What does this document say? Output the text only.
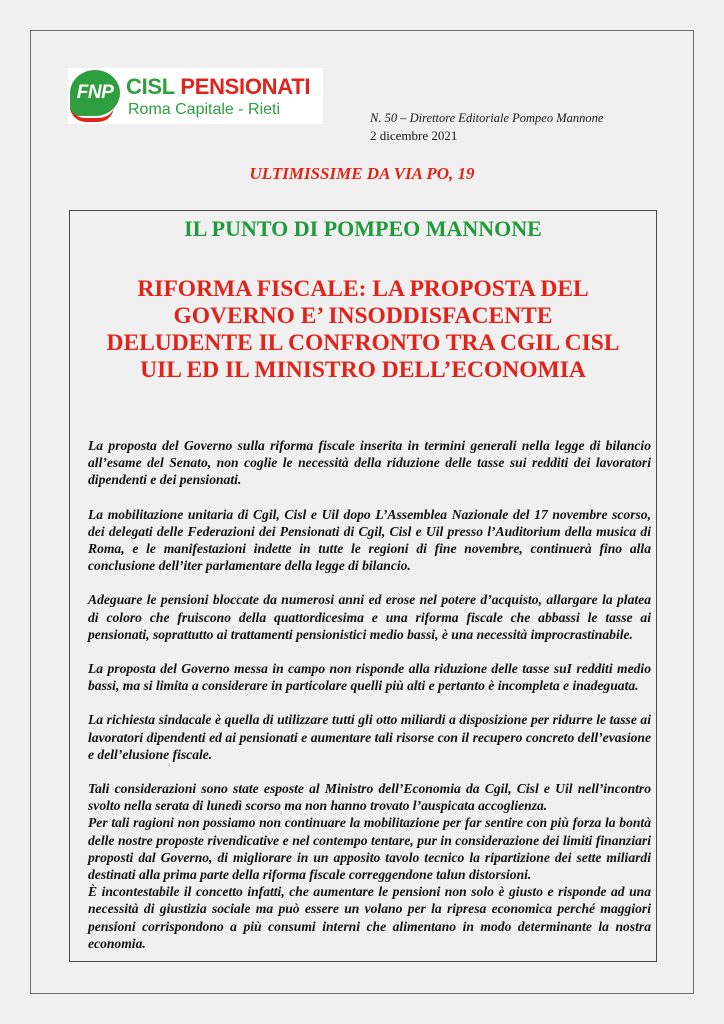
FNP CISL PENSIONATI
Roma Capitale - Rieti	N. 50 – Direttore Editoriale Pompeo Mannone
2 dicembre 2021
ULTIMISSIME DA VIA PO, 19
IL PUNTO DI POMPEO MANNONE
RIFORMA FISCALE: LA PROPOSTA DEL
GOVERNO E’ INSODDISFACENTE
DELUDENTE IL CONFRONTO TRA CGIL CISL
UIL ED IL MINISTRO DELL’ECONOMIA

La proposta del Governo sulla riforma fiscale inserita in termini generali nella legge di bilancio all’esame del Senato, non coglie le necessità della riduzione delle tasse sui redditi dei lavoratori dipendenti e dei pensionati.

La mobilitazione unitaria di Cgil, Cisl e Uil dopo L’Assemblea Nazionale del 17 novembre scorso, dei delegati delle Federazioni dei Pensionati di Cgil, Cisl e Uil presso l’Auditorium della musica di Roma, e le manifestazioni indette in tutte le regioni di fine novembre, continuerà fino alla conclusione dell’iter parlamentare della legge di bilancio.

Adeguare le pensioni bloccate da numerosi anni ed erose nel potere d’acquisto, allargare la platea di coloro che fruiscono della quattordicesima e una riforma fiscale che abbassi le tasse ai pensionati, soprattutto ai trattamenti pensionistici medio bassi, è una necessità improcrastinabile.

La proposta del Governo messa in campo non risponde alla riduzione delle tasse suI redditi medio bassi, ma si limita a considerare in particolare quelli più alti e pertanto è incompleta e inadeguata.

La richiesta sindacale è quella di utilizzare tutti gli otto miliardi a disposizione per ridurre le tasse ai lavoratori dipendenti ed ai pensionati e aumentare tali risorse con il recupero concreto dell’evasione e dell’elusione fiscale.

Tali considerazioni sono state esposte al Ministro dell’Economia da Cgil, Cisl e Uil nell’incontro svolto nella serata di lunedì scorso ma non hanno trovato l’auspicata accoglienza.

Per tali ragioni non possiamo non continuare la mobilitazione per far sentire con più forza la bontà delle nostre proposte rivendicative e nel contempo tentare, pur in considerazione dei limiti finanziari proposti dal Governo, di migliorare in un apposito tavolo tecnico la ripartizione dei sette miliardi destinati alla prima parte della riforma fiscale correggendone talun distorsioni.

È incontestabile il concetto infatti, che aumentare le pensioni non solo è giusto e risponde ad una necessità di giustizia sociale ma può essere un volano per la ripresa economica perché maggiori pensioni corrispondono a più consumi interni che alimentano in modo determinante la nostra economia.
